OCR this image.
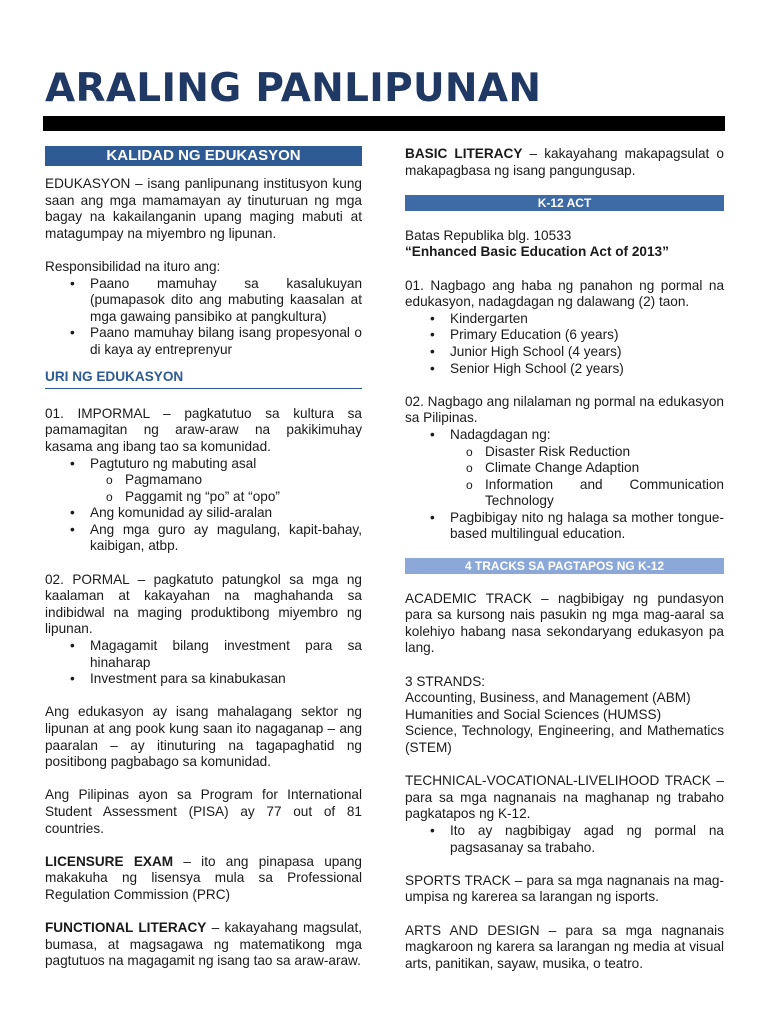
ARALING PANLIPUNAN
KALIDAD NG EDUKASYON

EDUKASYON – isang panlipunang institusyon kung saan ang mga mamamayan ay tinuturuan ng mga bagay na kakailanganin upang maging mabuti at matagumpay na miyembro ng lipunan.

Responsibilidad na ituro ang:

• Paano mamuhay sa kasalukuyan (pumapasok dito ang mabuting kaasalan at mga gawaing pansibiko at pangkultura)
• Paano mamuhay bilang isang propesyonal o di kaya ay entreprenyur
URI NG EDUKASYON

01. IMPORMAL – pagkatutuo sa kultura sa pamamagitan ng araw-araw na pakikimuhay kasama ang ibang tao sa komunidad.

• Pagtuturo ng mabuting asal
o Pagmamano
o Paggamit ng “po” at “opo”
• Ang komunidad ay silid-aralan
• Ang mga guro ay magulang, kapit-bahay, kaibigan, atbp.

02. PORMAL – pagkatuto patungkol sa mga ng kaalaman at kakayahan na maghahanda sa indibidwal na maging produktibong miyembro ng lipunan.

• Magagamit bilang investment para sa hinaharap
• Investment para sa kinabukasan

Ang edukasyon ay isang mahalagang sektor ng lipunan at ang pook kung saan ito nagaganap – ang paaralan – ay itinuturing na tagapaghatid ng positibong pagbabago sa komunidad.

Ang Pilipinas ayon sa Program for International Student Assessment (PISA) ay 77 out of 81 countries.

LICENSURE EXAM – ito ang pinapasa upang makakuha ng lisensya mula sa Professional Regulation Commission (PRC)

FUNCTIONAL LITERACY – kakayahang magsulat, bumasa, at magsagawa ng matematikong mga pagtutuos na magagamit ng isang tao sa araw-araw.

BASIC LITERACY – kakayahang makapagsulat o makapagbasa ng isang pangungusap.

K-12 ACT

Batas Republika blg. 10533

“Enhanced Basic Education Act of 2013”

01. Nagbago ang haba ng panahon ng pormal na edukasyon, nadagdagan ng dalawang (2) taon.

• Kindergarten
• Primary Education (6 years)
• Junior High School (4 years)
• Senior High School (2 years)

02. Nagbago ang nilalaman ng pormal na edukasyon sa Pilipinas.

• Nadagdagan ng:
o Disaster Risk Reduction
o Climate Change Adaption
o Information and Communication Technology
• Pagbibigay nito ng halaga sa mother tongue-based multilingual education.
4 TRACKS SA PAGTAPOS NG K-12

ACADEMIC TRACK – nagbibigay ng pundasyon para sa kursong nais pasukin ng mga mag-aaral sa kolehiyo habang nasa sekondaryang edukasyon pa lang.

3 STRANDS:

Accounting, Business, and Management (ABM)

Humanities and Social Sciences (HUMSS)

Science, Technology, Engineering, and Mathematics (STEM)

TECHNICAL-VOCATIONAL-LIVELIHOOD TRACK – para sa mga nagnanais na maghanap ng trabaho pagkatapos ng K-12.

• Ito ay nagbibigay agad ng pormal na pagsasanay sa trabaho.

SPORTS TRACK – para sa mga nagnanais na mag-umpisa ng karerea sa larangan ng isports.

ARTS AND DESIGN – para sa mga nagnanais magkaroon ng karera sa larangan ng media at visual arts, panitikan, sayaw, musika, o teatro.
